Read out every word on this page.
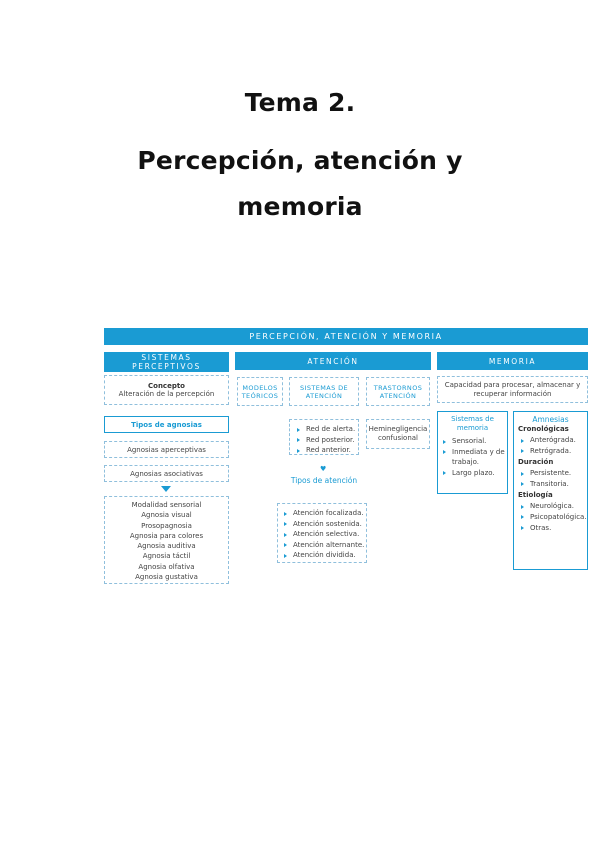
Tema 2.

Percepción, atención y

memoria

PERCEPCIÓN, ATENCIÓN Y MEMORIA
SISTEMAS PERCEPTIVOS
Concepto
Alteración de la percepción
Tipos de agnosias
Agnosias aperceptivas
Agnosias asociativas
Modalidad sensorial
Agnosia visual
Prosopagnosia
Agnosia para colores
Agnosia auditiva
Agnosia táctil
Agnosia olfativa
Agnosia gustativa
ATENCIÓN
MODELOS TEÓRICOS
SISTEMAS DE ATENCIÓN
TRASTORNOS ATENCIÓN
Red de alerta.
Red posterior.
Red anterior.
Heminegligencia confusional
♥
Tipos de atención
Atención focalizada.
Atención sostenida.
Atención selectiva.
Atención alternante.
Atención dividida.
MEMORIA
Capacidad para procesar, almacenar y recuperar información
Sistemas de memoria
Sensorial.
Inmediata y de trabajo.
Largo plazo.
Amnesias
Cronológicas
Anterógrada.
Retrógrada.
Duración
Persistente.
Transitoria.
Etiología
Neurológica.
Psicopatológica.
Otras.
